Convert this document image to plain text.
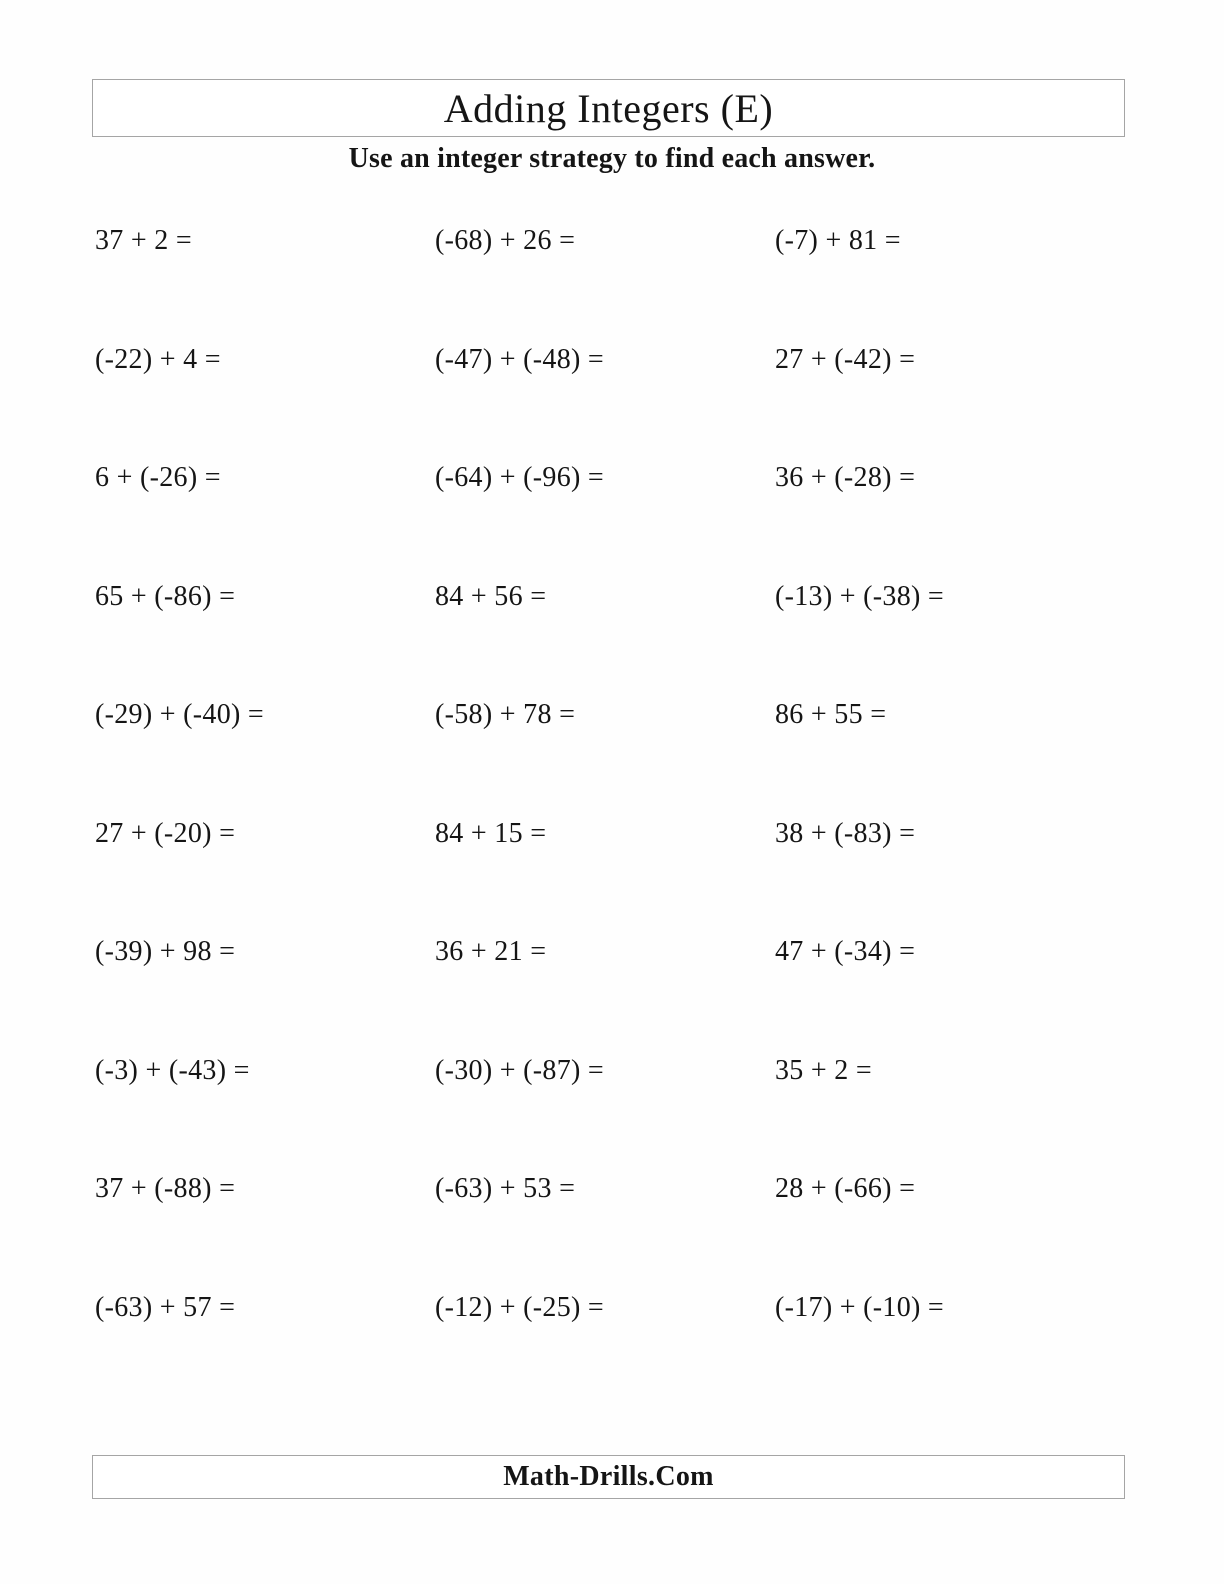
Adding Integers (E)
Use an integer strategy to find each answer.
37 + 2 =	(-68) + 26 =	(-7) + 81 =
(-22) + 4 =	(-47) + (-48) =	27 + (-42) =
6 + (-26) =	(-64) + (-96) =	36 + (-28) =
65 + (-86) =	84 + 56 =	(-13) + (-38) =
(-29) + (-40) =	(-58) + 78 =	86 + 55 =
27 + (-20) =	84 + 15 =	38 + (-83) =
(-39) + 98 =	36 + 21 =	47 + (-34) =
(-3) + (-43) =	(-30) + (-87) =	35 + 2 =
37 + (-88) =	(-63) + 53 =	28 + (-66) =
(-63) + 57 =	(-12) + (-25) =	(-17) + (-10) =
Math-Drills.Com
